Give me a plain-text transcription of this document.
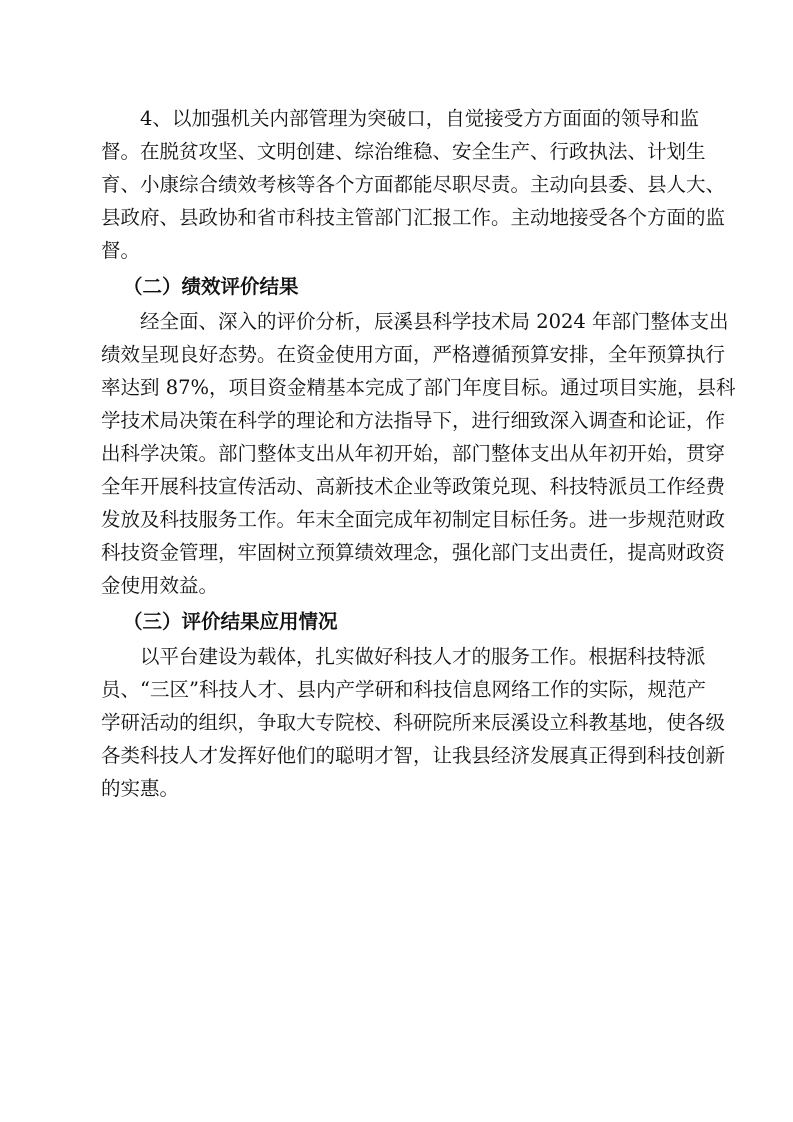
4、以加强机关内部管理为突破口，自觉接受方方面面的领导和监
督。在脱贫攻坚、文明创建、综治维稳、安全生产、行政执法、计划生
育、小康综合绩效考核等各个方面都能尽职尽责。主动向县委、县人大、
县政府、县政协和省市科技主管部门汇报工作。主动地接受各个方面的监
督。
（二）绩效评价结果
经全面、深入的评价分析，辰溪县科学技术局 2024 年部门整体支出
绩效呈现良好态势。在资金使用方面，严格遵循预算安排，全年预算执行
率达到 87%，项目资金精基本完成了部门年度目标。通过项目实施，县科
学技术局决策在科学的理论和方法指导下，进行细致深入调查和论证，作
出科学决策。部门整体支出从年初开始，部门整体支出从年初开始，贯穿
全年开展科技宣传活动、高新技术企业等政策兑现、科技特派员工作经费
发放及科技服务工作。年末全面完成年初制定目标任务。进一步规范财政
科技资金管理，牢固树立预算绩效理念，强化部门支出责任，提高财政资
金使用效益。
（三）评价结果应用情况
以平台建设为载体，扎实做好科技人才的服务工作。根据科技特派
员、“三区”科技人才、县内产学研和科技信息网络工作的实际，规范产
学研活动的组织，争取大专院校、科研院所来辰溪设立科教基地，使各级
各类科技人才发挥好他们的聪明才智，让我县经济发展真正得到科技创新
的实惠。
